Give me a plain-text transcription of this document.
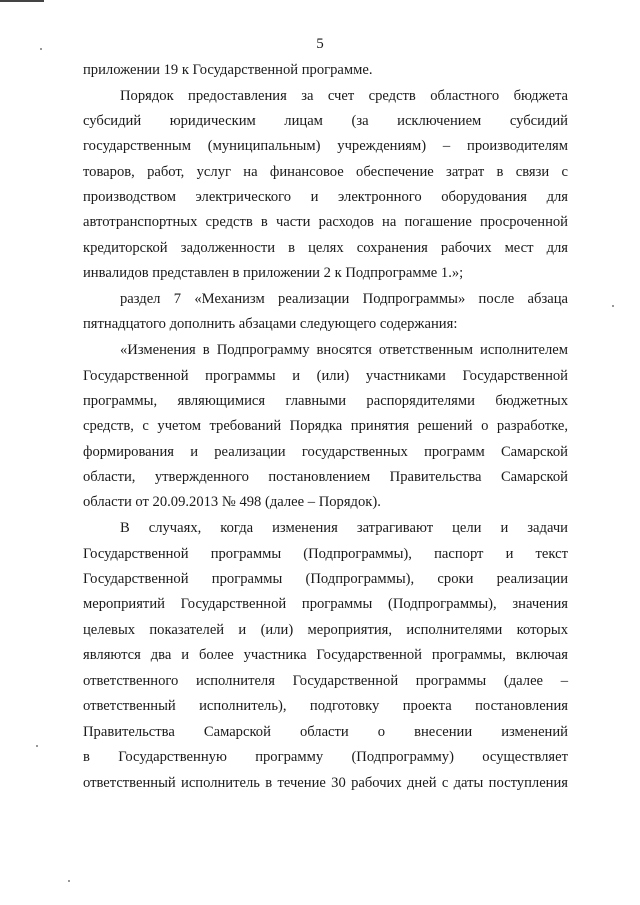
5
приложении 19 к Государственной программе.
Порядок предоставления за счет средств областного бюджета
субсидий юридическим лицам (за исключением субсидий
государственным (муниципальным) учреждениям) – производителям
товаров, работ, услуг на финансовое обеспечение затрат в связи с
производством электрического и электронного оборудования для
автотранспортных средств в части расходов на погашение просроченной
кредиторской задолженности в целях сохранения рабочих мест для
инвалидов представлен в приложении 2 к Подпрограмме 1.»;
раздел 7 «Механизм реализации Подпрограммы» после абзаца
пятнадцатого дополнить абзацами следующего содержания:
«Изменения в Подпрограмму вносятся ответственным исполнителем
Государственной программы и (или) участниками Государственной
программы, являющимися главными распорядителями бюджетных
средств, с учетом требований Порядка принятия решений о разработке,
формирования и реализации государственных программ Самарской
области, утвержденного постановлением Правительства Самарской
области от 20.09.2013 № 498 (далее – Порядок).
В случаях, когда изменения затрагивают цели и задачи
Государственной программы (Подпрограммы), паспорт и текст
Государственной программы (Подпрограммы), сроки реализации
мероприятий Государственной программы (Подпрограммы), значения
целевых показателей и (или) мероприятия, исполнителями которых
являются два и более участника Государственной программы, включая
ответственного исполнителя Государственной программы (далее –
ответственный исполнитель), подготовку проекта постановления
Правительства Самарской области о внесении изменений
в Государственную программу (Подпрограмму) осуществляет
ответственный исполнитель в течение 30 рабочих дней с даты поступления
